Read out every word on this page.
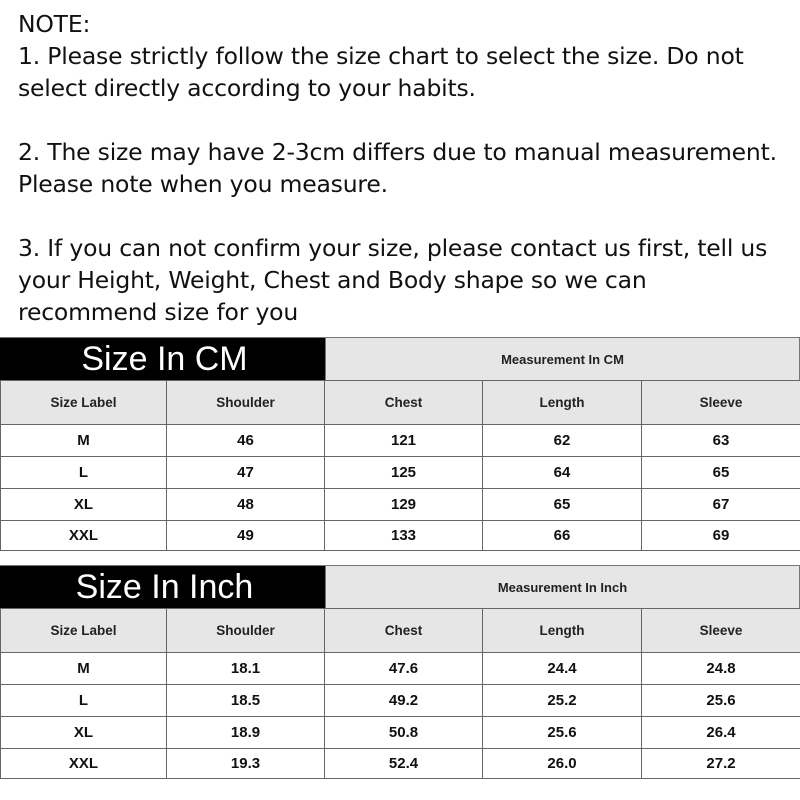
NOTE:

1. Please strictly follow the size chart to select the size. Do not
select directly according to your habits.

2. The size may have 2-3cm differs due to manual measurement.
Please note when you measure.

3. If you can not confirm your size, please contact us first, tell us
your Height, Weight, Chest and Body shape so we can
recommend size for you

Size In CM	Measurement In CM
Size Label	Shoulder	Chest	Length	Sleeve
M	46	121	62	63
L	47	125	64	65
XL	48	129	65	67
XXL	49	133	66	69
Size In Inch	Measurement In Inch
Size Label	Shoulder	Chest	Length	Sleeve
M	18.1	47.6	24.4	24.8
L	18.5	49.2	25.2	25.6
XL	18.9	50.8	25.6	26.4
XXL	19.3	52.4	26.0	27.2
